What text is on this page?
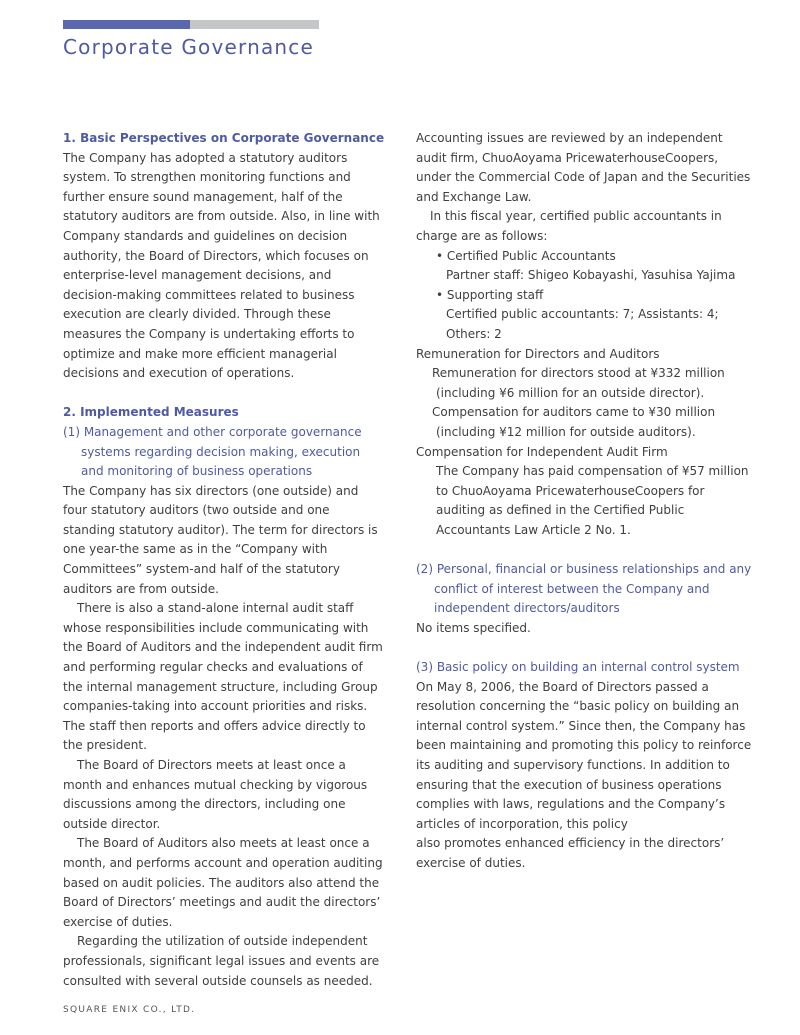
Corporate Governance

1. Basic Perspectives on Corporate Governance

The Company has adopted a statutory auditors system. To strengthen monitoring functions and further ensure sound management, half of the statutory auditors are from outside. Also, in line with Company standards and guidelines on decision authority, the Board of Directors, which focuses on enterprise-level management decisions, and decision-making committees related to business execution are clearly divided. Through these measures the Company is undertaking efforts to optimize and make more efficient managerial decisions and execution of operations.

2. Implemented Measures

(1) Management and other corporate governance systems regarding decision making, execution and monitoring of business operations

The Company has six directors (one outside) and four statutory auditors (two outside and one standing statutory auditor). The term for directors is one year-the same as in the “Company with Committees” system-and half of the statutory auditors are from outside.

There is also a stand-alone internal audit staff whose responsibilities include communicating with the Board of Auditors and the independent audit firm and performing regular checks and evaluations of the internal management structure, including Group companies-taking into account priorities and risks. The staff then reports and offers advice directly to the president.

The Board of Directors meets at least once a month and enhances mutual checking by vigorous discussions among the directors, including one outside director.

The Board of Auditors also meets at least once a month, and performs account and operation auditing based on audit policies. The auditors also attend the Board of Directors’ meetings and audit the directors’ exercise of duties.

Regarding the utilization of outside independent professionals, significant legal issues and events are consulted with several outside counsels as needed.

Accounting issues are reviewed by an independent audit firm, ChuoAoyama PricewaterhouseCoopers, under the Commercial Code of Japan and the Securities and Exchange Law.

In this fiscal year, certified public accountants in charge are as follows:

• Certified Public Accountants

Partner staff: Shigeo Kobayashi, Yasuhisa Yajima

• Supporting staff

Certified public accountants: 7; Assistants: 4; Others: 2

Remuneration for Directors and Auditors

Remuneration for directors stood at ¥332 million

(including ¥6 million for an outside director).

Compensation for auditors came to ¥30 million

(including ¥12 million for outside auditors).

Compensation for Independent Audit Firm

The Company has paid compensation of ¥57 million to ChuoAoyama PricewaterhouseCoopers for auditing as defined in the Certified Public Accountants Law Article 2 No. 1.

(2) Personal, financial or business relationships and any conflict of interest between the Company and independent directors/auditors

No items specified.

(3) Basic policy on building an internal control system

On May 8, 2006, the Board of Directors passed a resolution concerning the “basic policy on building an internal control system.” Since then, the Company has been maintaining and promoting this policy to reinforce its auditing and supervisory functions. In addition to ensuring that the execution of business operations complies with laws, regulations and the Company’s articles of incorporation, this policy

also promotes enhanced efficiency in the directors’ exercise of duties.

SQUARE ENIX CO., LTD.
